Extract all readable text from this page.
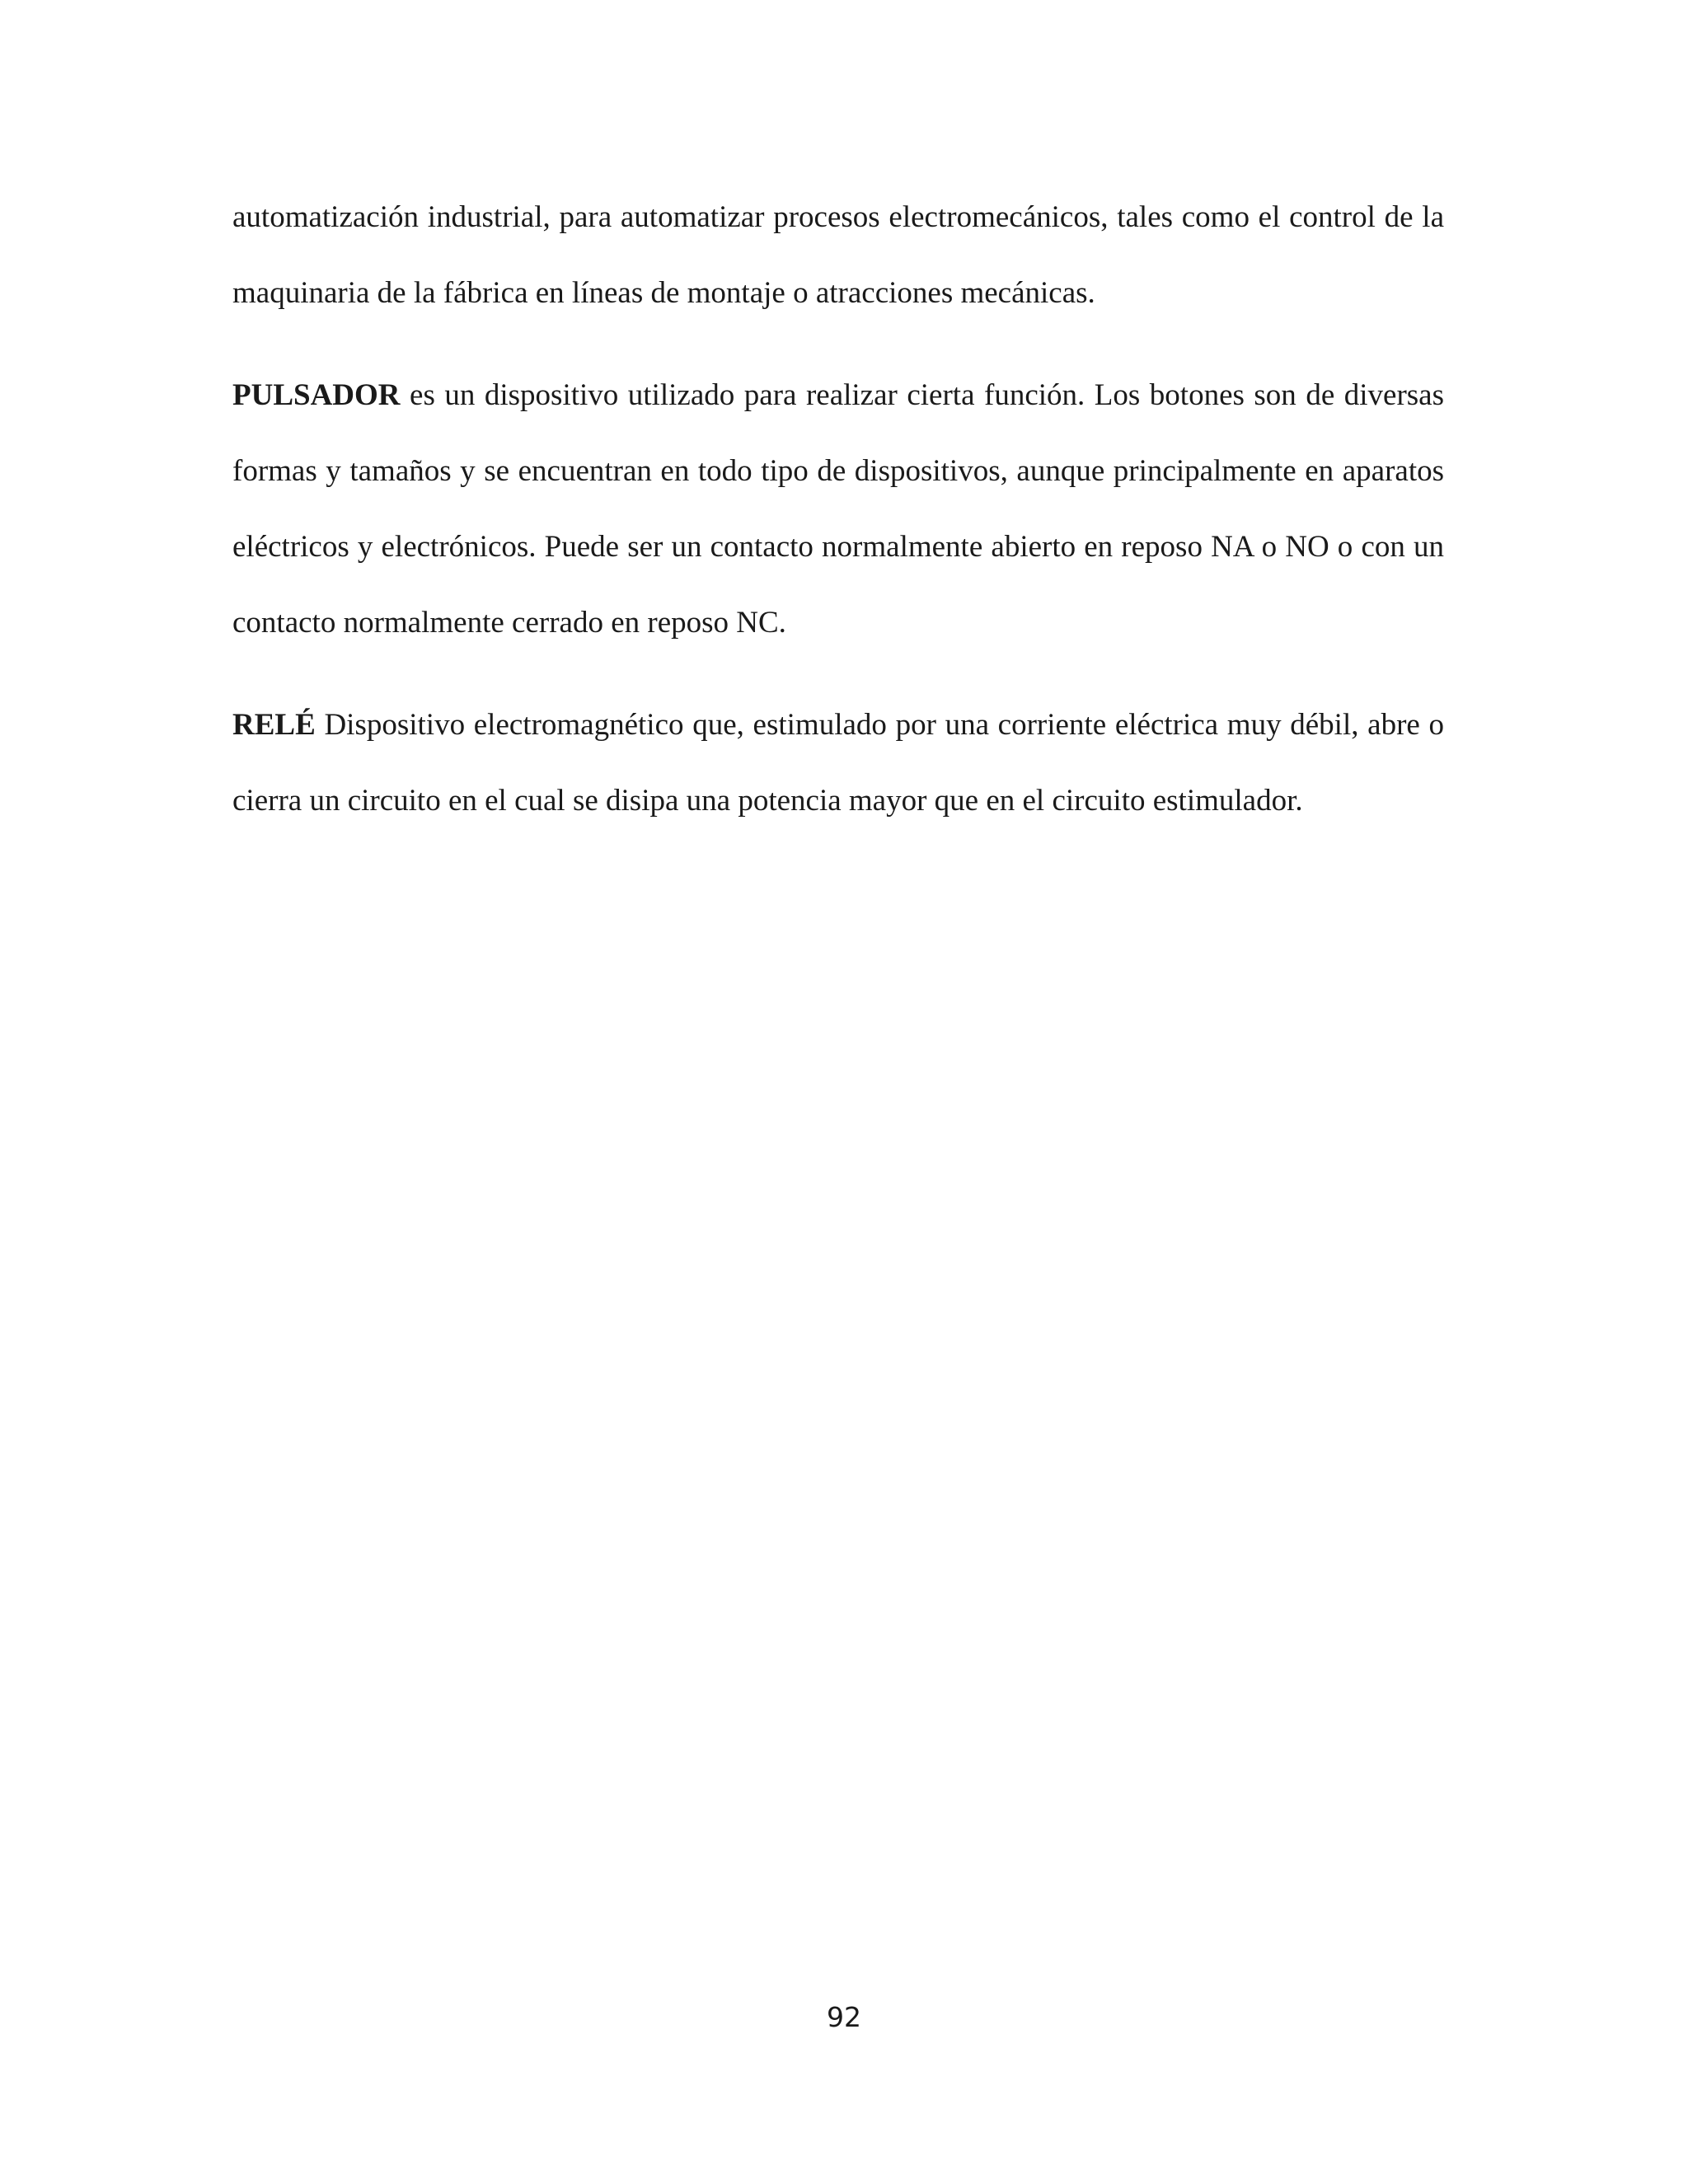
automatización industrial, para automatizar procesos electromecánicos, tales como el control de la maquinaria de la fábrica en líneas de montaje o atracciones mecánicas.

PULSADOR es un dispositivo utilizado para realizar cierta función. Los botones son de diversas formas y tamaños y se encuentran en todo tipo de dispositivos, aunque principalmente en aparatos eléctricos y electrónicos. Puede ser un contacto normalmente abierto en reposo NA o NO o con un contacto normalmente cerrado en reposo NC.

RELÉ Dispositivo electromagnético que, estimulado por una corriente eléctrica muy débil, abre o cierra un circuito en el cual se disipa una potencia mayor que en el circuito estimulador.

92
